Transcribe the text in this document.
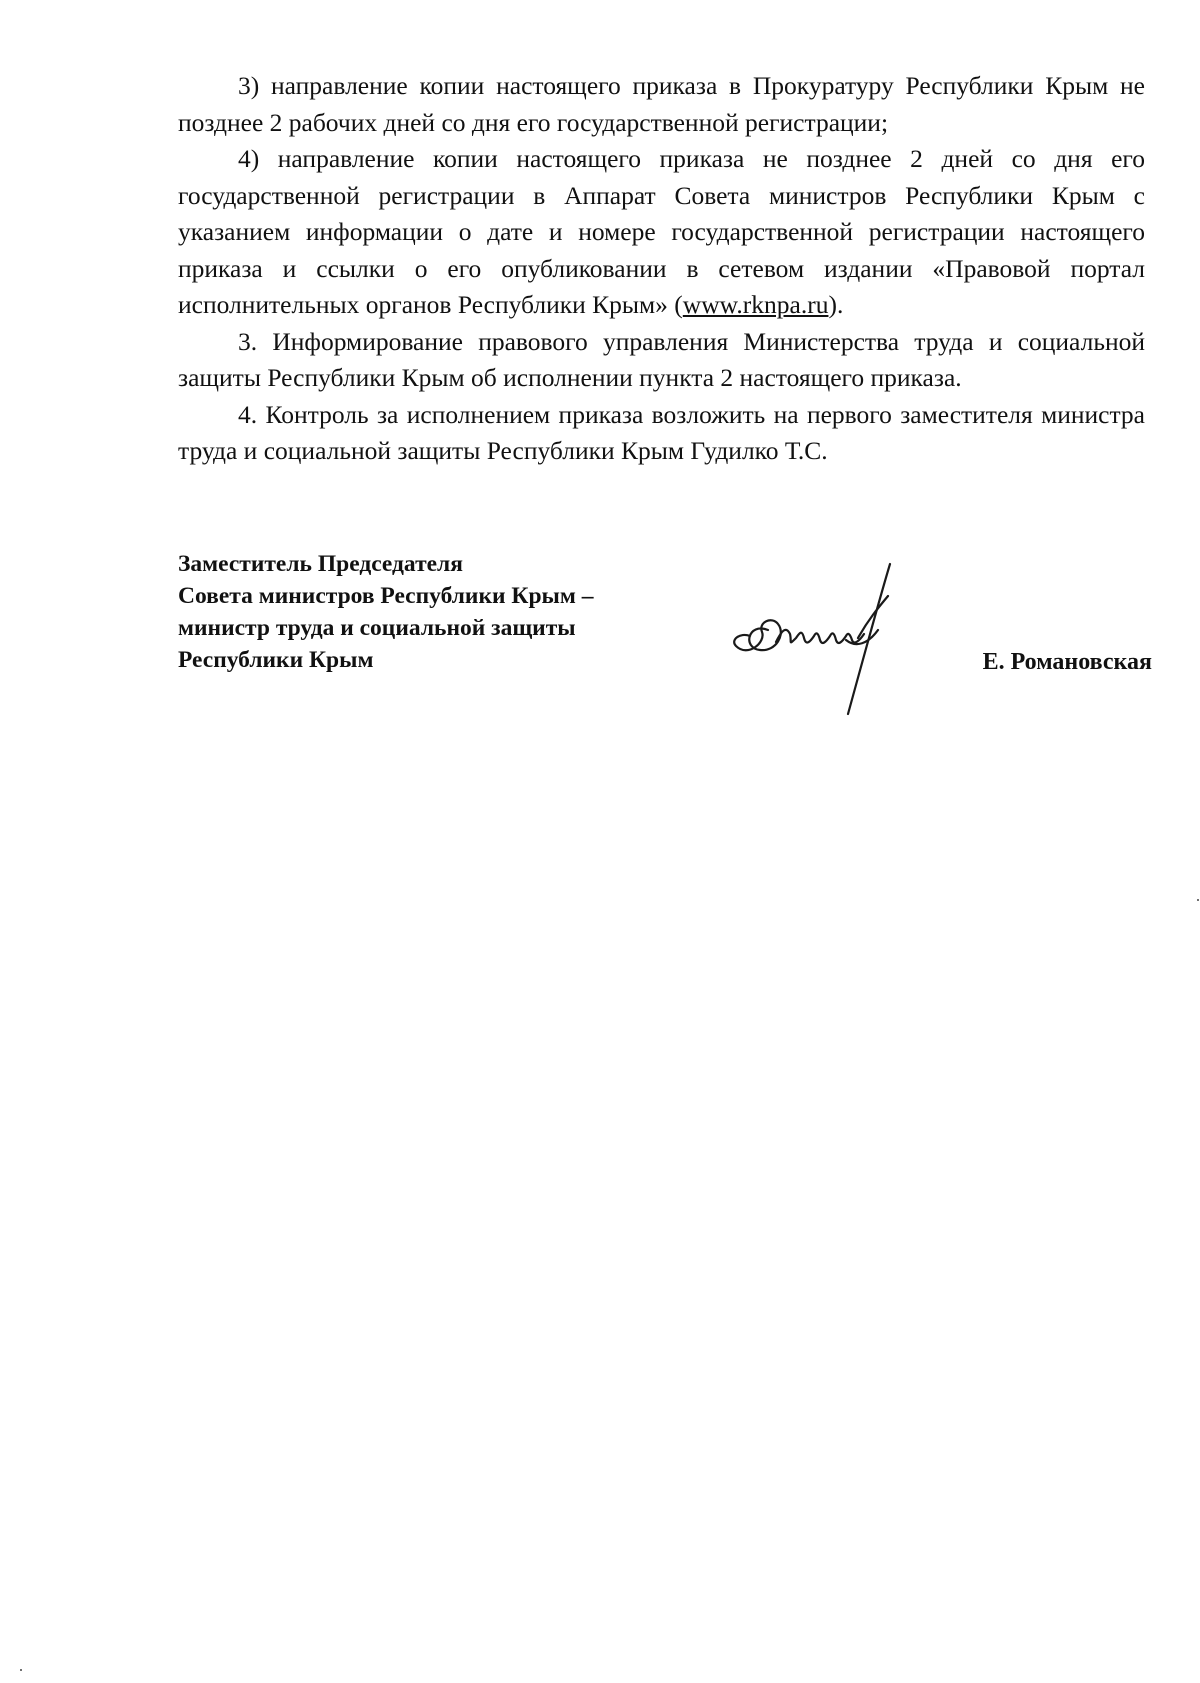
3) направление копии настоящего приказа в Прокуратуру Республики Крым не позднее 2 рабочих дней со дня его государственной регистрации;

4) направление копии настоящего приказа не позднее 2 дней со дня его государственной регистрации в Аппарат Совета министров Республики Крым с указанием информации о дате и номере государственной регистрации настоящего приказа и ссылки о его опубликовании в сетевом издании «Правовой портал исполнительных органов Республики Крым» (www.rknpa.ru).

3. Информирование правового управления Министерства труда и социальной защиты Республики Крым об исполнении пункта 2 настоящего приказа.

4. Контроль за исполнением приказа возложить на первого заместителя министра труда и социальной защиты Республики Крым Гудилко Т.С.

Заместитель Председателя
Совета министров Республики Крым –
министр труда и социальной защиты
Республики Крым	Е. Романовская
